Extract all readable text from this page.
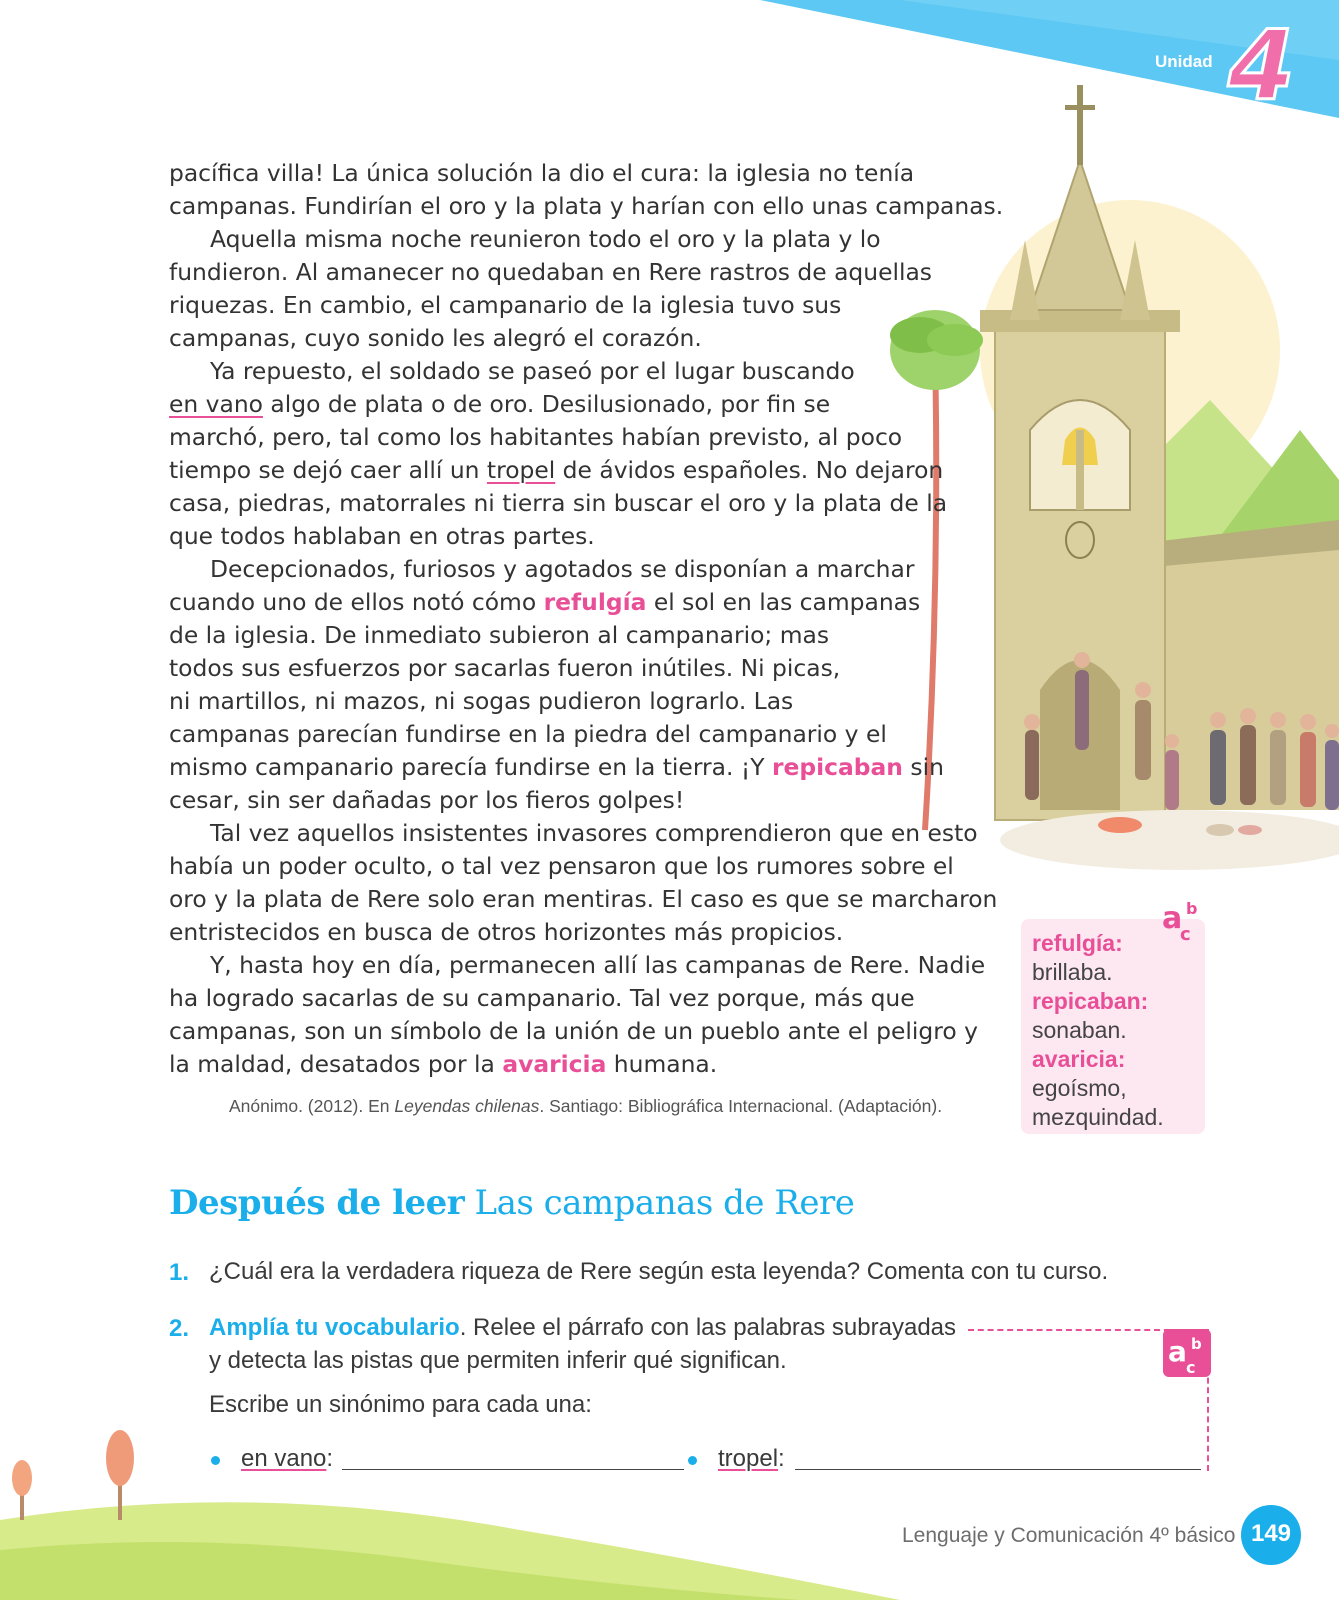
Unidad 4

pacífica villa! La única solución la dio el cura: la iglesia no tenía
campanas. Fundirían el oro y la plata y harían con ello unas campanas.

Aquella misma noche reunieron todo el oro y la plata y lo
fundieron. Al amanecer no quedaban en Rere rastros de aquellas
riquezas. En cambio, el campanario de la iglesia tuvo sus
campanas, cuyo sonido les alegró el corazón.

Ya repuesto, el soldado se paseó por el lugar buscando
en vano algo de plata o de oro. Desilusionado, por fin se
marchó, pero, tal como los habitantes habían previsto, al poco
tiempo se dejó caer allí un tropel de ávidos españoles. No dejaron
casa, piedras, matorrales ni tierra sin buscar el oro y la plata de la
que todos hablaban en otras partes.

Decepcionados, furiosos y agotados se disponían a marchar
cuando uno de ellos notó cómo refulgía el sol en las campanas
de la iglesia. De inmediato subieron al campanario; mas
todos sus esfuerzos por sacarlas fueron inútiles. Ni picas,
ni martillos, ni mazos, ni sogas pudieron lograrlo. Las
campanas parecían fundirse en la piedra del campanario y el
mismo campanario parecía fundirse en la tierra. ¡Y repicaban sin
cesar, sin ser dañadas por los fieros golpes!

Tal vez aquellos insistentes invasores comprendieron que en esto
había un poder oculto, o tal vez pensaron que los rumores sobre el
oro y la plata de Rere solo eran mentiras. El caso es que se marcharon
entristecidos en busca de otros horizontes más propicios.

Y, hasta hoy en día, permanecen allí las campanas de Rere. Nadie
ha logrado sacarlas de su campanario. Tal vez porque, más que
campanas, son un símbolo de la unión de un pueblo ante el peligro y
la maldad, desatados por la avaricia humana.

Anónimo. (2012). En Leyendas chilenas. Santiago: Bibliográfica Internacional. (Adaptación).
refulgía:
brillaba.
repicaban:
sonaban.
avaricia:
egoísmo,
mezquindad.
a b
c
Después de leer Las campanas de Rere
1. ¿Cuál era la verdadera riqueza de Rere según esta leyenda? Comenta con tu curso.
2. Amplía tu vocabulario. Relee el párrafo con las palabras subrayadas
y detecta las pistas que permiten inferir qué significan.
Escribe un sinónimo para cada una:
a b
c
en vano:	tropel:
Lenguaje y Comunicación 4º básico 149
